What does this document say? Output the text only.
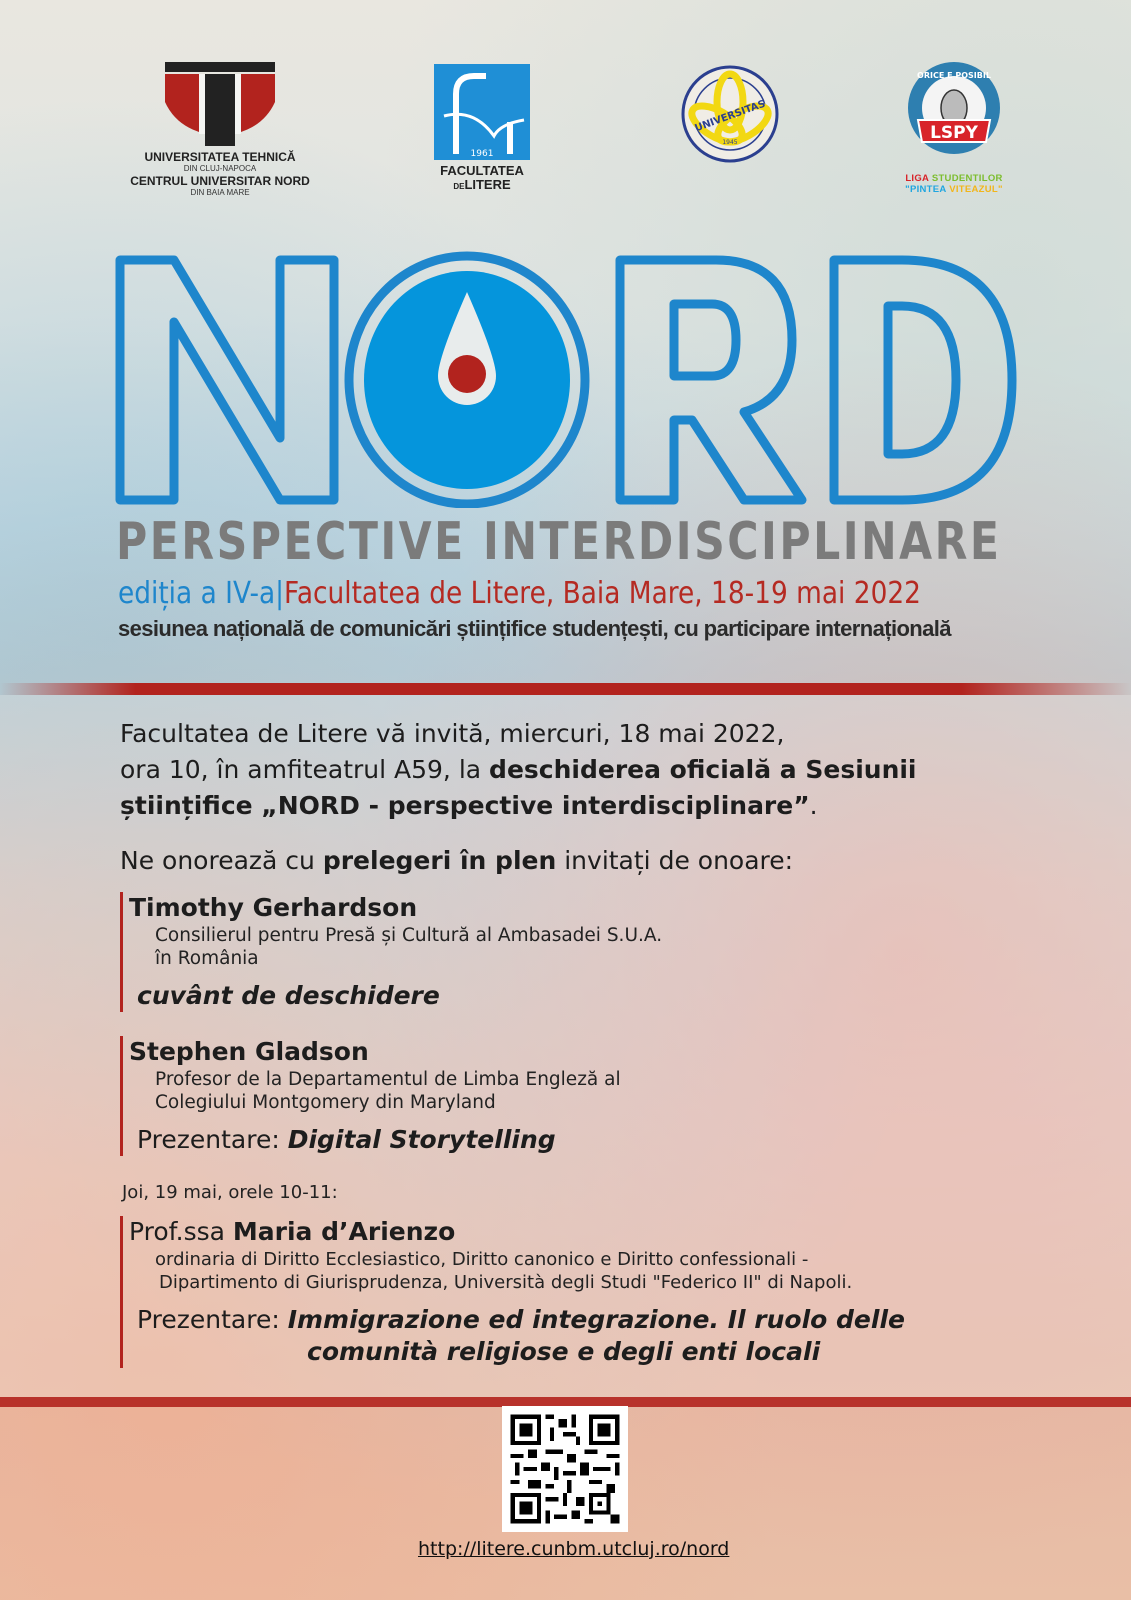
UNIVERSITATEA TEHNICĂ
DIN CLUJ-NAPOCA
CENTRUL UNIVERSITAR NORD
DIN BAIA MARE
1961
FACULTATEA
DELITERE
UNIVERSITAS
1945	LSPY
ORICE E POSIBIL
LIGA STUDENTILOR
"PINTEA VITEAZUL"
PERSPECTIVE INTERDISCIPLINARE
ediția a IV-a|Facultatea de Litere, Baia Mare, 18-19 mai 2022
sesiunea națională de comunicări științifice studențești, cu participare internațională
Facultatea de Litere vă invită, miercuri, 18 mai 2022,
ora 10, în amfiteatrul A59, la deschiderea oficială a Sesiunii științifice „NORD - perspective interdisciplinare”.
Ne onorează cu prelegeri în plen invitați de onoare:
Timothy Gerhardson
Consilierul pentru Presă și Cultură al Ambasadei S.U.A.
în România
cuvânt de deschidere
Stephen Gladson
Profesor de la Departamentul de Limba Engleză al
Colegiului Montgomery din Maryland
Prezentare: Digital Storytelling
Joi, 19 mai, orele 10-11:
Prof.ssa Maria d’Arienzo
ordinaria di Diritto Ecclesiastico, Diritto canonico e Diritto confessionali -
Dipartimento di Giurisprudenza, Università degli Studi "Federico II" di Napoli.
Prezentare: Immigrazione ed integrazione. Il ruolo delle
comunità religiose e degli enti locali
http://litere.cunbm.utcluj.ro/nord
